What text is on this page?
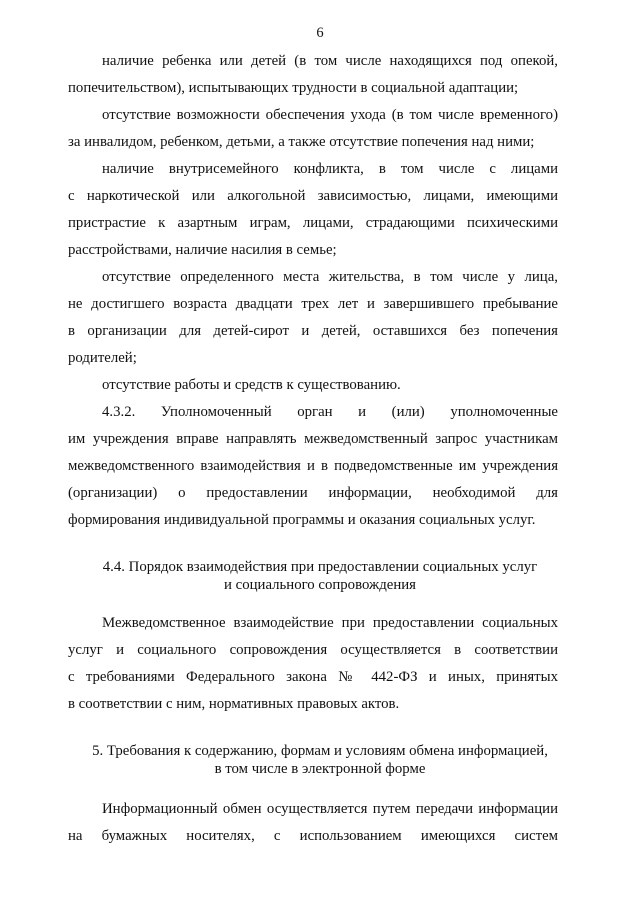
6

наличие ребенка или детей (в том числе находящихся под опекой,

попечительством), испытывающих трудности в социальной адаптации;

отсутствие возможности обеспечения ухода (в том числе временного)

за инвалидом, ребенком, детьми, а также отсутствие попечения над ними;

наличие внутрисемейного конфликта, в том числе с лицами

с наркотической или алкогольной зависимостью, лицами, имеющими

пристрастие к азартным играм, лицами, страдающими психическими

расстройствами, наличие насилия в семье;

отсутствие определенного места жительства, в том числе у лица,

не достигшего возраста двадцати трех лет и завершившего пребывание

в организации для детей-сирот и детей, оставшихся без попечения

родителей;

отсутствие работы и средств к существованию.

4.3.2. Уполномоченный орган и (или) уполномоченные

им учреждения вправе направлять межведомственный запрос участникам

межведомственного взаимодействия и в подведомственные им учреждения

(организации) о предоставлении информации, необходимой для

формирования индивидуальной программы и оказания социальных услуг.

4.4. Порядок взаимодействия при предоставлении социальных услуг

и социального сопровождения

Межведомственное взаимодействие при предоставлении социальных

услуг и социального сопровождения осуществляется в соответствии

с требованиями Федерального закона № 442-ФЗ и иных, принятых

в соответствии с ним, нормативных правовых актов.

5. Требования к содержанию, формам и условиям обмена информацией,

в том числе в электронной форме

Информационный обмен осуществляется путем передачи информации

на бумажных носителях, с использованием имеющихся систем
